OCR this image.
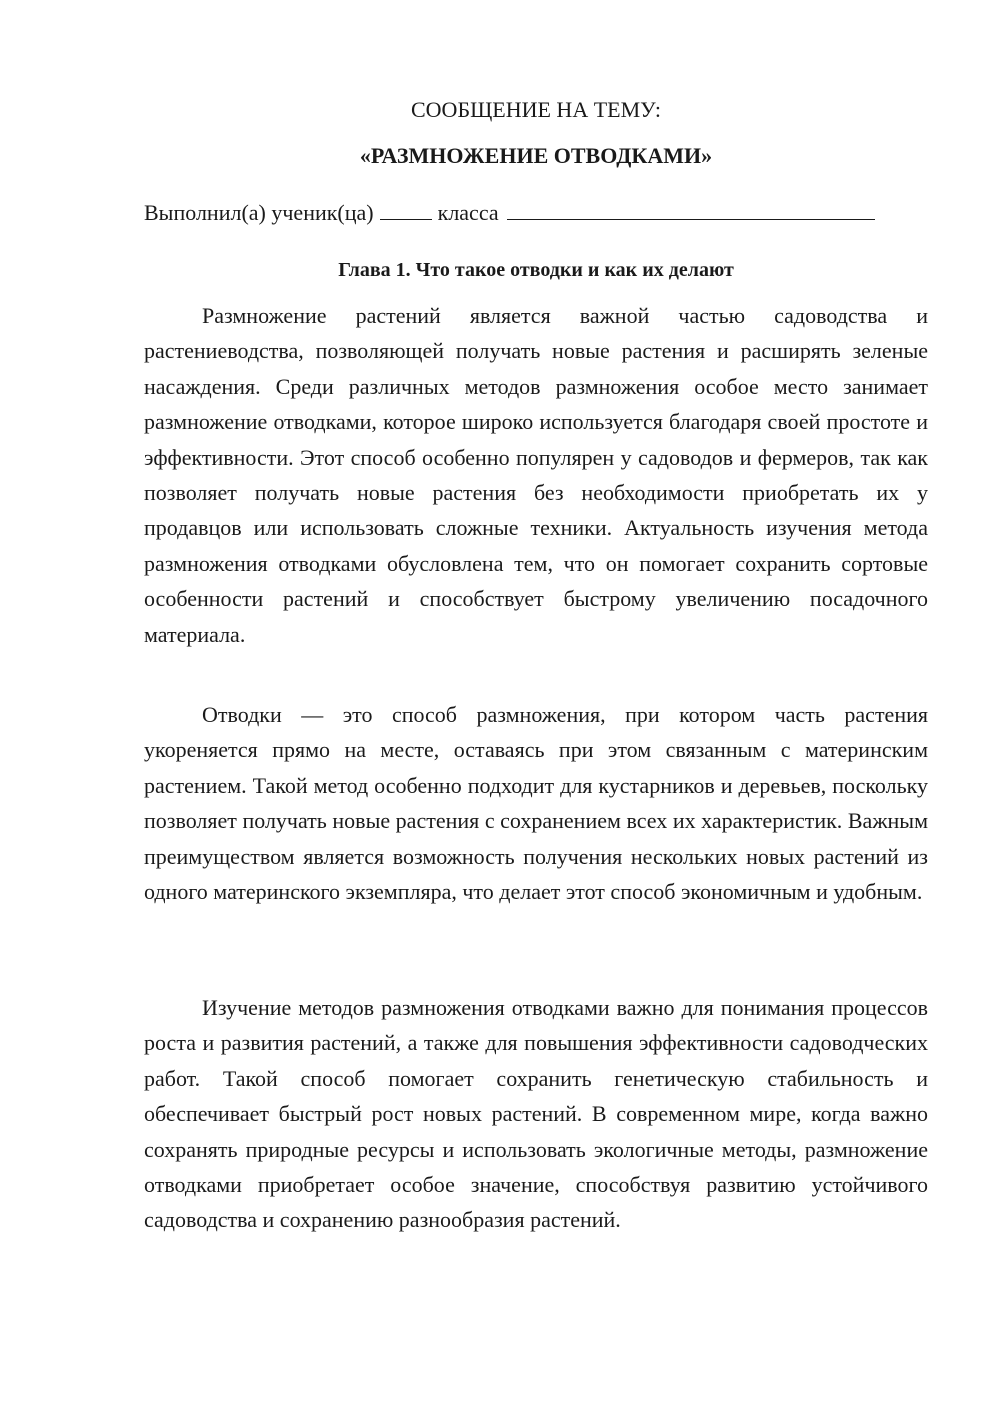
СООБЩЕНИЕ НА ТЕМУ:

«РАЗМНОЖЕНИЕ ОТВОДКАМИ»

Выполнил(а) ученик(ца)	класса

Глава 1. Что такое отводки и как их делают

Размножение растений является важной частью садоводства и растениеводства, позволяющей получать новые растения и расширять зеленые насаждения. Среди различных методов размножения особое место занимает размножение отводками, которое широко используется благодаря своей простоте и эффективности. Этот способ особенно популярен у садоводов и фермеров, так как позволяет получать новые растения без необходимости приобретать их у продавцов или использовать сложные техники. Актуальность изучения метода размножения отводками обусловлена тем, что он помогает сохранить сортовые особенности растений и способствует быстрому увеличению посадочного материала.

Отводки — это способ размножения, при котором часть растения укореняется прямо на месте, оставаясь при этом связанным с материнским растением. Такой метод особенно подходит для кустарников и деревьев, поскольку позволяет получать новые растения с сохранением всех их характеристик. Важным преимуществом является возможность получения нескольких новых растений из одного материнского экземпляра, что делает этот способ экономичным и удобным.

Изучение методов размножения отводками важно для понимания процессов роста и развития растений, а также для повышения эффективности садоводческих работ. Такой способ помогает сохранить генетическую стабильность и обеспечивает быстрый рост новых растений. В современном мире, когда важно сохранять природные ресурсы и использовать экологичные методы, размножение отводками приобретает особое значение, способствуя развитию устойчивого садоводства и сохранению разнообразия растений.
